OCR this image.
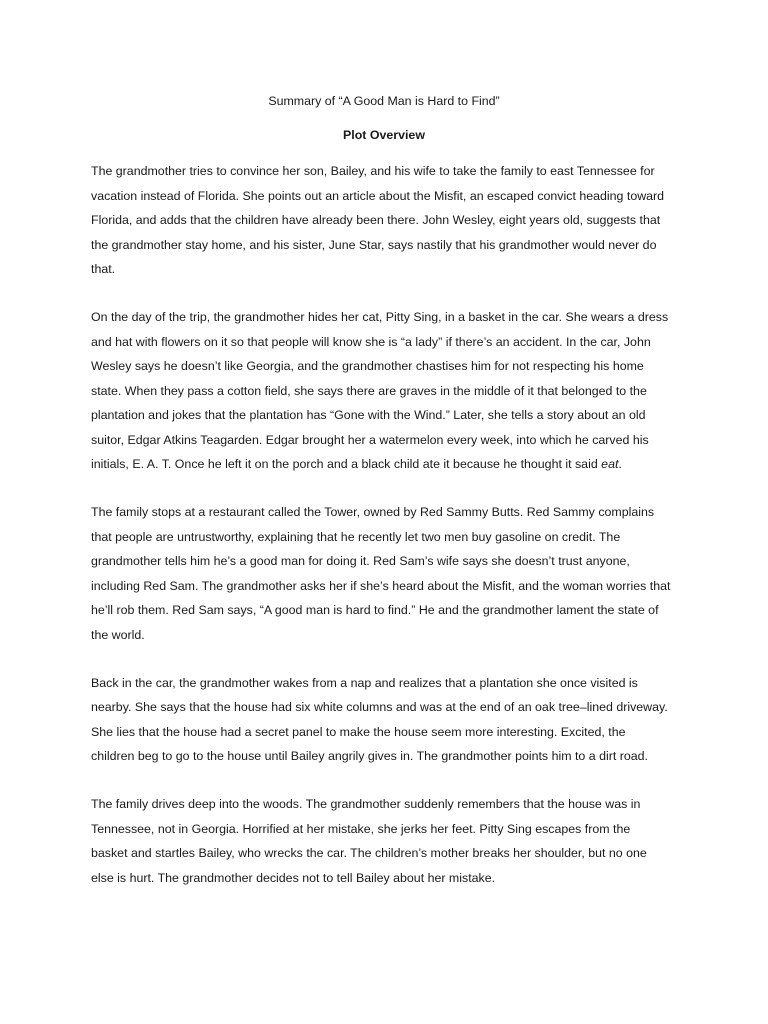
Summary of “A Good Man is Hard to Find”
Plot Overview

The grandmother tries to convince her son, Bailey, and his wife to take the family to east Tennessee for
vacation instead of Florida. She points out an article about the Misfit, an escaped convict heading toward
Florida, and adds that the children have already been there. John Wesley, eight years old, suggests that
the grandmother stay home, and his sister, June Star, says nastily that his grandmother would never do
that.

On the day of the trip, the grandmother hides her cat, Pitty Sing, in a basket in the car. She wears a dress
and hat with flowers on it so that people will know she is “a lady” if there’s an accident. In the car, John
Wesley says he doesn’t like Georgia, and the grandmother chastises him for not respecting his home
state. When they pass a cotton field, she says there are graves in the middle of it that belonged to the
plantation and jokes that the plantation has “Gone with the Wind.” Later, she tells a story about an old
suitor, Edgar Atkins Teagarden. Edgar brought her a watermelon every week, into which he carved his
initials, E. A. T. Once he left it on the porch and a black child ate it because he thought it said eat.

The family stops at a restaurant called the Tower, owned by Red Sammy Butts. Red Sammy complains
that people are untrustworthy, explaining that he recently let two men buy gasoline on credit. The
grandmother tells him he’s a good man for doing it. Red Sam’s wife says she doesn’t trust anyone,
including Red Sam. The grandmother asks her if she’s heard about the Misfit, and the woman worries that
he’ll rob them. Red Sam says, “A good man is hard to find.” He and the grandmother lament the state of
the world.

Back in the car, the grandmother wakes from a nap and realizes that a plantation she once visited is
nearby. She says that the house had six white columns and was at the end of an oak tree–lined driveway.
She lies that the house had a secret panel to make the house seem more interesting. Excited, the
children beg to go to the house until Bailey angrily gives in. The grandmother points him to a dirt road.

The family drives deep into the woods. The grandmother suddenly remembers that the house was in
Tennessee, not in Georgia. Horrified at her mistake, she jerks her feet. Pitty Sing escapes from the
basket and startles Bailey, who wrecks the car. The children’s mother breaks her shoulder, but no one
else is hurt. The grandmother decides not to tell Bailey about her mistake.
